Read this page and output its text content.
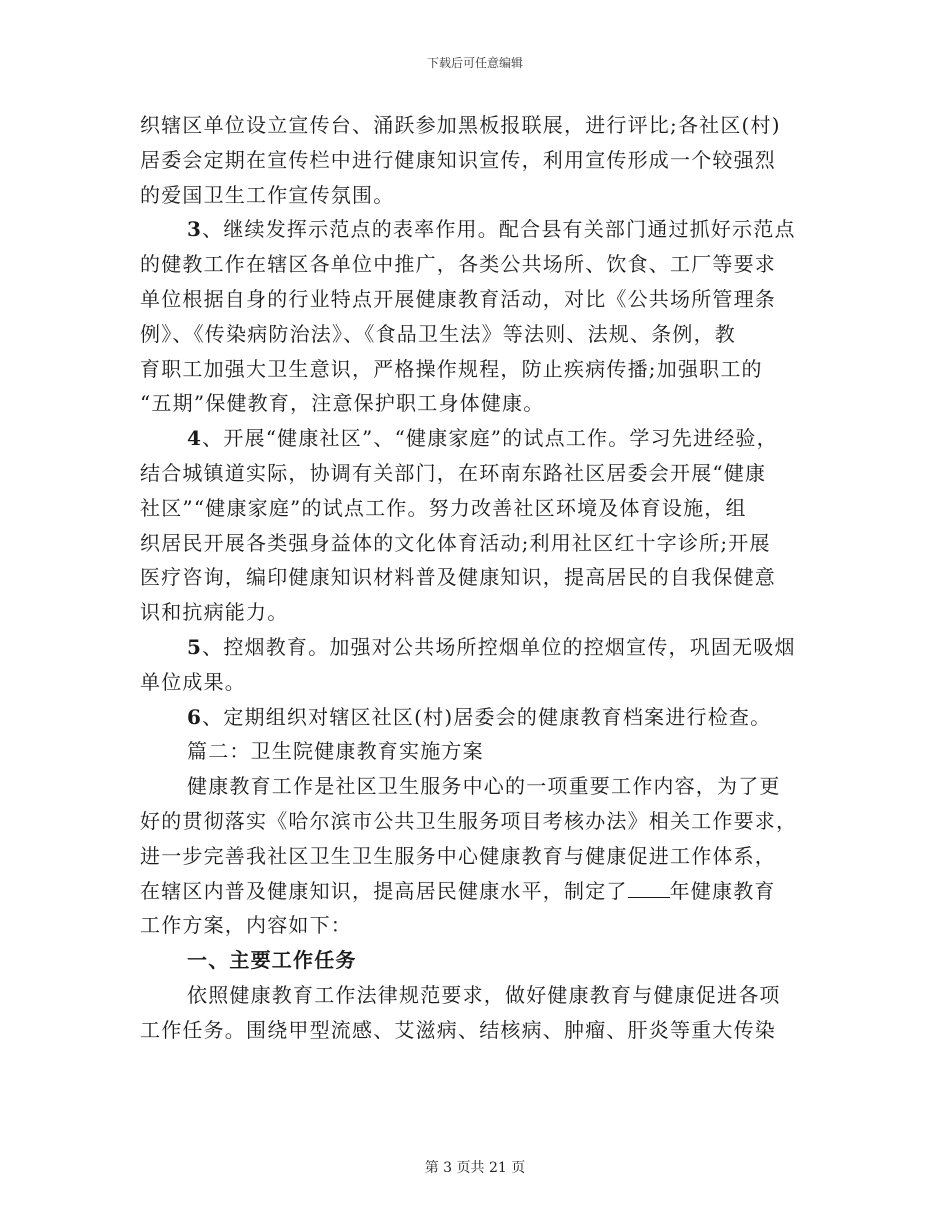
下载后可任意编辑
织辖区单位设立宣传台、涌跃参加黑板报联展，进行评比;各社区(村)
居委会定期在宣传栏中进行健康知识宣传，利用宣传形成一个较强烈
的爱国卫生工作宣传氛围。
3、继续发挥示范点的表率作用。配合县有关部门通过抓好示范点
的健教工作在辖区各单位中推广，各类公共场所、饮食、工厂等要求
单位根据自身的行业特点开展健康教育活动，对比《公共场所管理条
例》、《传染病防治法》、《食品卫生法》等法则、法规、条例，教
育职工加强大卫生意识，严格操作规程，防止疾病传播;加强职工的
“五期”保健教育，注意保护职工身体健康。
4、开展“健康社区”、“健康家庭”的试点工作。学习先进经验，
结合城镇道实际，协调有关部门，在环南东路社区居委会开展“健康
社区”“健康家庭”的试点工作。努力改善社区环境及体育设施，组
织居民开展各类强身益体的文化体育活动;利用社区红十字诊所;开展
医疗咨询，编印健康知识材料普及健康知识，提高居民的自我保健意
识和抗病能力。
5、控烟教育。加强对公共场所控烟单位的控烟宣传，巩固无吸烟
单位成果。
6、定期组织对辖区社区(村)居委会的健康教育档案进行检查。
篇二：卫生院健康教育实施方案
健康教育工作是社区卫生服务中心的一项重要工作内容，为了更
好的贯彻落实《哈尔滨市公共卫生服务项目考核办法》相关工作要求，
进一步完善我社区卫生卫生服务中心健康教育与健康促进工作体系，
在辖区内普及健康知识，提高居民健康水平，制定了 年健康教育
工作方案，内容如下：
一、主要工作任务
依照健康教育工作法律规范要求，做好健康教育与健康促进各项
工作任务。围绕甲型流感、艾滋病、结核病、肿瘤、肝炎等重大传染
第 3 页共 21 页
